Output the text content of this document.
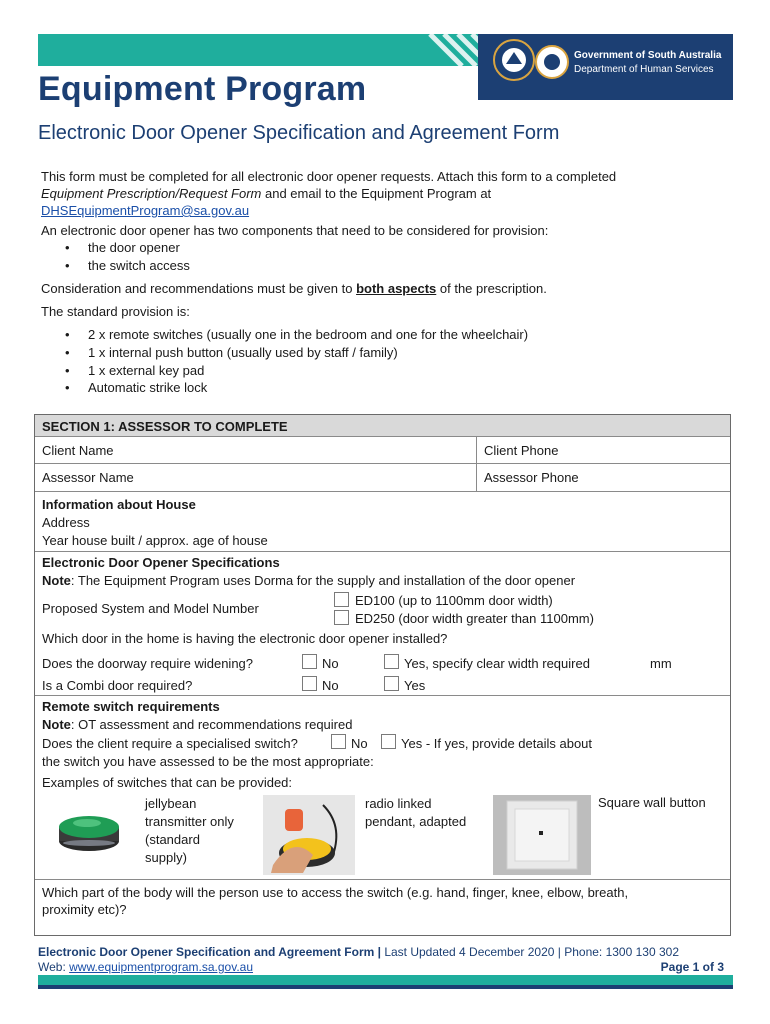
Government of South Australia
Department of Human Services
Equipment Program
Electronic Door Opener Specification and Agreement Form
This form must be completed for all electronic door opener requests. Attach this form to a completed
Equipment Prescription/Request Form and email to the Equipment Program at
DHSEquipmentProgram@sa.gov.au
An electronic door opener has two components that need to be considered for provision:
• the door opener
• the switch access
Consideration and recommendations must be given to both aspects of the prescription.
The standard provision is:
• 2 x remote switches (usually one in the bedroom and one for the wheelchair)
• 1 x internal push button (usually used by staff / family)
• 1 x external key pad
• Automatic strike lock
SECTION 1: ASSESSOR TO COMPLETE
Client Name	Client Phone
Assessor Name	Assessor Phone
Information about House
Address
Year house built / approx. age of house
Electronic Door Opener Specifications
Note: The Equipment Program uses Dorma for the supply and installation of the door opener
Proposed System and Model Number
ED100 (up to 1100mm door width)
ED250 (door width greater than 1100mm)
Which door in the home is having the electronic door opener installed?
Does the doorway require widening?	No	Yes, specify clear width required	mm
Is a Combi door required?	No	Yes
Remote switch requirements
Note: OT assessment and recommendations required
Does the client require a specialised switch?	No	Yes - If yes, provide details about
the switch you have assessed to be the most appropriate:
Examples of switches that can be provided:
jellybean
transmitter only
(standard
supply)
radio linked
pendant, adapted
Square wall button
Which part of the body will the person use to access the switch (e.g. hand, finger, knee, elbow, breath,
proximity etc)?
Electronic Door Opener Specification and Agreement Form | Last Updated 4 December 2020 | Phone: 1300 130 302
Web: www.equipmentprogram.sa.gov.au	Page 1 of 3
